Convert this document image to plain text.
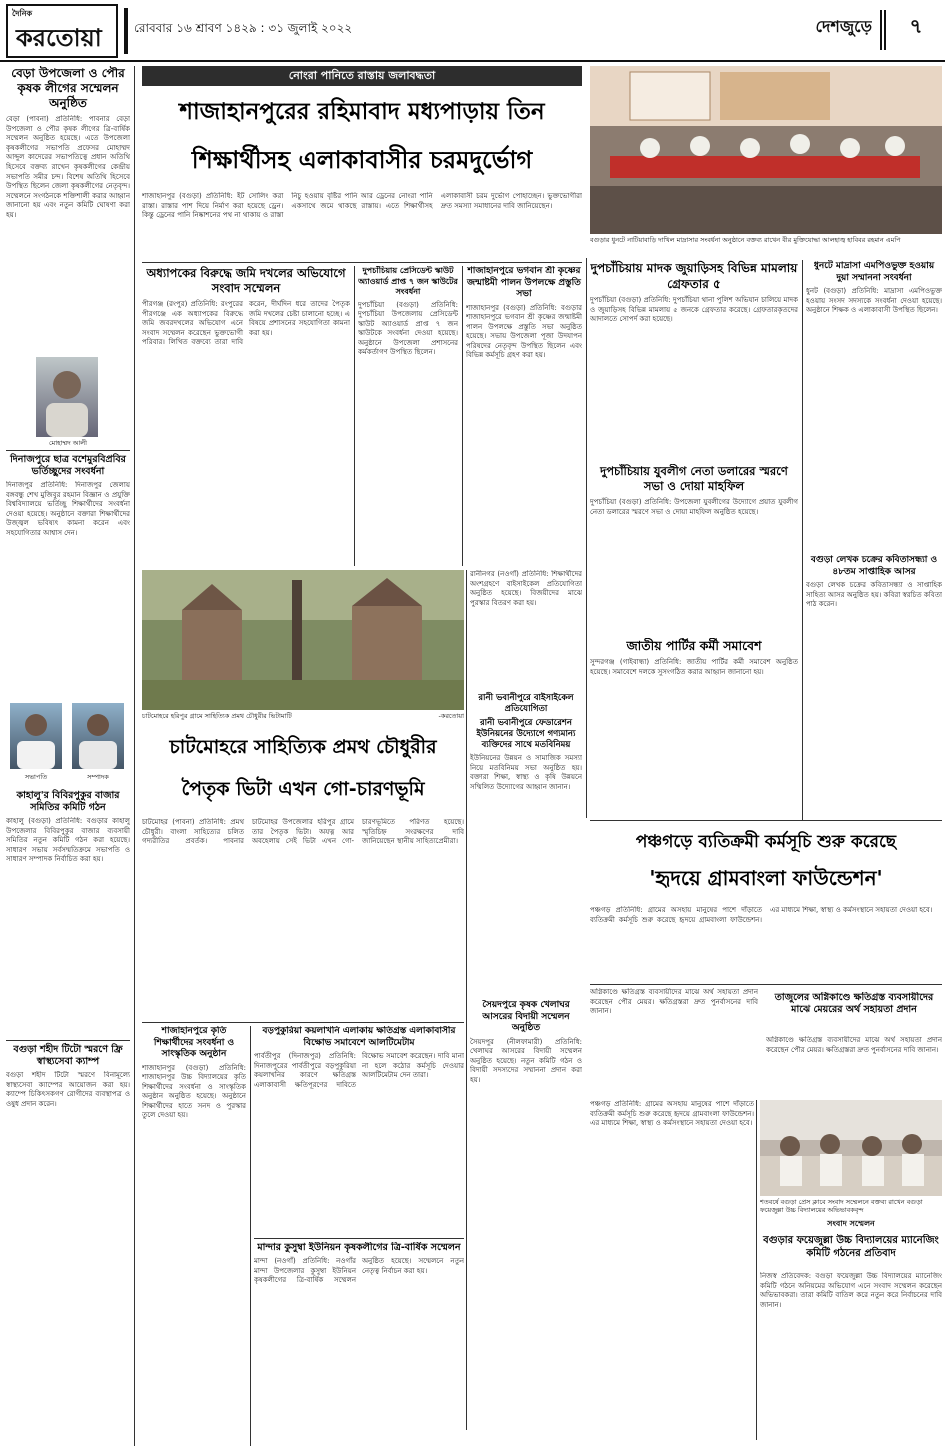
দৈনিক
করতোয়া	রোববার ১৬ শ্রাবণ ১৪২৯ : ৩১ জুলাই ২০২২	দেশজুড়ে	৭
বেড়া উপজেলা ও পৌর কৃষক লীগের সম্মেলন অনুষ্ঠিত
বেড়া (পাবনা) প্রতিনিধি: পাবনার বেড়া উপজেলা ও পৌর কৃষক লীগের ত্রি-বার্ষিক সম্মেলন অনুষ্ঠিত হয়েছে। এতে উপজেলা কৃষকলীগের সভাপতি প্রফেসর মোহাম্মদ আব্দুল কাদেরের সভাপতিত্বে প্রধান অতিথি হিসেবে বক্তব্য রাখেন কৃষকলীগের কেন্দ্রীয় সভাপতি সমীর চন্দ। বিশেষ অতিথি হিসেবে উপস্থিত ছিলেন জেলা কৃষকলীগের নেতৃবৃন্দ। সম্মেলনে সংগঠনকে শক্তিশালী করার আহ্বান জানানো হয় এবং নতুন কমিটি ঘোষণা করা হয়।
মোহাম্মদ আলী
দিনাজপুরে ছাত্র বশেমুরবিপ্রবির ভর্তিচ্ছুদের সংবর্ধনা
দিনাজপুর প্রতিনিধি: দিনাজপুর জেলায় বঙ্গবন্ধু শেখ মুজিবুর রহমান বিজ্ঞান ও প্রযুক্তি বিশ্ববিদ্যালয়ে ভর্তিচ্ছু শিক্ষার্থীদের সংবর্ধনা দেওয়া হয়েছে। অনুষ্ঠানে বক্তারা শিক্ষার্থীদের উজ্জ্বল ভবিষ্যৎ কামনা করেন এবং সহযোগিতার আশ্বাস দেন।
সভাপতি	সম্পাদক
কাহালু'র বিবিরপুকুর বাজার সমিতির কমিটি গঠন
কাহালু (বগুড়া) প্রতিনিধি: বগুড়ার কাহালু উপজেলার বিবিরপুকুর বাজার ব্যবসায়ী সমিতির নতুন কমিটি গঠন করা হয়েছে। সাধারণ সভায় সর্বসম্মতিক্রমে সভাপতি ও সাধারণ সম্পাদক নির্বাচিত করা হয়।
বগুড়া শহীদ টিটো স্মরণে ফ্রি স্বাস্থ্যসেবা ক্যাম্প
বগুড়া শহীদ টিটো স্মরণে বিনামূল্যে স্বাস্থ্যসেবা ক্যাম্পের আয়োজন করা হয়। ক্যাম্পে চিকিৎসকগণ রোগীদের ব্যবস্থাপত্র ও ওষুধ প্রদান করেন।
নোংরা পানিতে রাস্তায় জলাবদ্ধতা
শাজাহানপুরের রহিমাবাদ মধ্যপাড়ায় তিন
শিক্ষার্থীসহ এলাকাবাসীর চরমদুর্ভোগ
শাজাহানপুর (বগুড়া) প্রতিনিধি: ইট সোলিং করা রাস্তা। রাস্তার পাশ দিয়ে নির্মাণ করা হয়েছে ড্রেন। কিন্তু ড্রেনের পানি নিষ্কাশনের পথ না থাকায় ও রাস্তা নিচু হওয়ায় বৃষ্টির পানি আর ড্রেনের নোংরা পানি একসাথে জমে থাকছে রাস্তায়। এতে শিক্ষার্থীসহ এলাকাবাসী চরম দুর্ভোগ পোহাচ্ছেন। ভুক্তভোগীরা দ্রুত সমস্যা সমাধানের দাবি জানিয়েছেন।
বগুড়ার ধুনটে নাটিয়াবাড়ি দাখিল মাদ্রাসার সংবর্ধনা অনুষ্ঠানে বক্তব্য রাখেন বীর মুক্তিযোদ্ধা আলহাজ্ব হাবিবর রহমান এমপি
অধ্যাপকের বিরুদ্ধে জমি দখলের অভিযোগে সংবাদ সম্মেলন
পীরগঞ্জ (রংপুর) প্রতিনিধি: রংপুরের পীরগঞ্জে এক অধ্যাপকের বিরুদ্ধে জমি জবরদখলের অভিযোগ এনে সংবাদ সম্মেলন করেছেন ভুক্তভোগী পরিবার। লিখিত বক্তব্যে তারা দাবি করেন, দীর্ঘদিন ধরে তাদের পৈতৃক জমি দখলের চেষ্টা চালানো হচ্ছে। এ বিষয়ে প্রশাসনের সহযোগিতা কামনা করা হয়।
দুপচাঁচিয়ায় প্রেসিডেন্ট স্কাউট অ্যাওয়ার্ড প্রাপ্ত ৭ জন স্কাউটের সংবর্ধনা
দুপচাঁচিয়া (বগুড়া) প্রতিনিধি: দুপচাঁচিয়া উপজেলায় প্রেসিডেন্ট স্কাউট অ্যাওয়ার্ড প্রাপ্ত ৭ জন স্কাউটকে সংবর্ধনা দেওয়া হয়েছে। অনুষ্ঠানে উপজেলা প্রশাসনের কর্মকর্তাগণ উপস্থিত ছিলেন।
শাজাহানপুরে ভগবান শ্রী কৃষ্ণের জন্মাষ্টমী পালন উপলক্ষে প্রস্তুতি সভা
শাজাহানপুর (বগুড়া) প্রতিনিধি: বগুড়ার শাজাহানপুরে ভগবান শ্রী কৃষ্ণের জন্মাষ্টমী পালন উপলক্ষে প্রস্তুতি সভা অনুষ্ঠিত হয়েছে। সভায় উপজেলা পূজা উদযাপন পরিষদের নেতৃবৃন্দ উপস্থিত ছিলেন এবং বিভিন্ন কর্মসূচি গ্রহণ করা হয়।
দুপচাঁচিয়ায় মাদক জুয়াড়িসহ বিভিন্ন মামলায় গ্রেফতার ৫
দুপচাঁচিয়া (বগুড়া) প্রতিনিধি: দুপচাঁচিয়া থানা পুলিশ অভিযান চালিয়ে মাদক ও জুয়াড়িসহ বিভিন্ন মামলায় ৫ জনকে গ্রেফতার করেছে। গ্রেফতারকৃতদের আদালতে সোপর্দ করা হয়েছে।
ধুনটে মাদ্রাসা এমপিওভুক্ত হওয়ায় দুয়া সম্মাননা সংবর্ধনা
ধুনট (বগুড়া) প্রতিনিধি: মাদ্রাসা এমপিওভুক্ত হওয়ায় সংসদ সদস্যকে সংবর্ধনা দেওয়া হয়েছে। অনুষ্ঠানে শিক্ষক ও এলাকাবাসী উপস্থিত ছিলেন।
দুপচাঁচিয়ায় যুবলীগ নেতা ডলারের স্মরণে সভা ও দোয়া মাহফিল
দুপচাঁচিয়া (বগুড়া) প্রতিনিধি: উপজেলা যুবলীগের উদ্যোগে প্রয়াত যুবলীগ নেতা ডলারের স্মরণে সভা ও দোয়া মাহফিল অনুষ্ঠিত হয়েছে।
বগুড়া লেখক চক্রের কবিতাসন্ধ্যা ও ৪৮তম সাপ্তাহিক আসর
বগুড়া লেখক চক্রের কবিতাসন্ধ্যা ও সাপ্তাহিক সাহিত্য আসর অনুষ্ঠিত হয়। কবিরা স্বরচিত কবিতা পাঠ করেন।
জাতীয় পার্টির কর্মী সমাবেশ
সুন্দরগঞ্জ (গাইবান্ধা) প্রতিনিধি: জাতীয় পার্টির কর্মী সমাবেশ অনুষ্ঠিত হয়েছে। সমাবেশে দলকে সুসংগঠিত করার আহ্বান জানানো হয়।
চাটমোহরে হরিপুর গ্রামে সাহিত্যিক প্রমথ চৌধুরীর ভিটামাটি	-করতোয়া
রানীনগর (নওগাঁ) প্রতিনিধি: শিক্ষার্থীদের অংশগ্রহণে বাইসাইকেল প্রতিযোগিতা অনুষ্ঠিত হয়েছে। বিজয়ীদের মাঝে পুরস্কার বিতরণ করা হয়।
রানী ভবানীপুরে বাইসাইকেল প্রতিযোগিতা
রানী ভবানীপুরে ফেডারেশন ইউনিয়নের উদ্যোগে গণ্যমান্য ব্যক্তিদের সাথে মতবিনিময়
ইউনিয়নের উন্নয়ন ও সামাজিক সমস্যা নিয়ে মতবিনিময় সভা অনুষ্ঠিত হয়। বক্তারা শিক্ষা, স্বাস্থ্য ও কৃষি উন্নয়নে সম্মিলিত উদ্যোগের আহ্বান জানান।
চাটমোহরে সাহিত্যিক প্রমথ চৌধুরীর
পৈতৃক ভিটা এখন গো-চারণভূমি
চাটমোহর (পাবনা) প্রতিনিধি: প্রমথ চৌধুরী। বাংলা সাহিত্যের চলিত গদ্যরীতির প্রবর্তক। পাবনার চাটমোহর উপজেলার হরিপুর গ্রামে তার পৈতৃক ভিটা। অযত্ন আর অবহেলায় সেই ভিটা এখন গো-চারণভূমিতে পরিণত হয়েছে। স্মৃতিচিহ্ন সংরক্ষণের দাবি জানিয়েছেন স্থানীয় সাহিত্যপ্রেমীরা।	পঞ্চগড়ে ব্যতিক্রমী কর্মসূচি শুরু করেছে
'হৃদয়ে গ্রামবাংলা ফাউন্ডেশন'
পঞ্চগড় প্রতিনিধি: গ্রামের অসহায় মানুষের পাশে দাঁড়াতে ব্যতিক্রমী কর্মসূচি শুরু করেছে হৃদয়ে গ্রামবাংলা ফাউন্ডেশন। এর মাধ্যমে শিক্ষা, স্বাস্থ্য ও কর্মসংস্থানে সহায়তা দেওয়া হবে।
অগ্নিকাণ্ডে ক্ষতিগ্রস্ত ব্যবসায়ীদের মাঝে অর্থ সহায়তা প্রদান করেছেন পৌর মেয়র। ক্ষতিগ্রস্তরা দ্রুত পুনর্বাসনের দাবি জানান।
তাজুলের অগ্নিকাণ্ডে ক্ষতিগ্রস্ত ব্যবসায়ীদের মাঝে মেয়রের অর্থ সহায়তা প্রদান
অগ্নিকাণ্ডে ক্ষতিগ্রস্ত ব্যবসায়ীদের মাঝে অর্থ সহায়তা প্রদান করেছেন পৌর মেয়র। ক্ষতিগ্রস্তরা দ্রুত পুনর্বাসনের দাবি জানান।
সৈয়দপুরে কৃষক খেলাঘর আসরের বিদায়ী সম্মেলন অনুষ্ঠিত
সৈয়দপুর (নীলফামারী) প্রতিনিধি: খেলাঘর আসরের বিদায়ী সম্মেলন অনুষ্ঠিত হয়েছে। নতুন কমিটি গঠন ও বিদায়ী সদস্যদের সম্মাননা প্রদান করা হয়।
শতবর্ষে বগুড়া প্রেস ক্লাবে সংবাদ সম্মেলনে বক্তব্য রাখেন বগুড়া ফয়েজুল্লা উচ্চ বিদ্যালয়ের অভিভাবকবৃন্দ
সংবাদ সম্মেলন
বগুড়ার ফয়েজুল্লা উচ্চ বিদ্যালয়ের ম্যানেজিং কমিটি গঠনের প্রতিবাদ
নিজস্ব প্রতিবেদক: বগুড়া ফয়েজুল্লা উচ্চ বিদ্যালয়ের ম্যানেজিং কমিটি গঠনে অনিয়মের অভিযোগ এনে সংবাদ সম্মেলন করেছেন অভিভাবকরা। তারা কমিটি বাতিল করে নতুন করে নির্বাচনের দাবি জানান।
পঞ্চগড় প্রতিনিধি: গ্রামের অসহায় মানুষের পাশে দাঁড়াতে ব্যতিক্রমী কর্মসূচি শুরু করেছে হৃদয়ে গ্রামবাংলা ফাউন্ডেশন। এর মাধ্যমে শিক্ষা, স্বাস্থ্য ও কর্মসংস্থানে সহায়তা দেওয়া হবে।
শাজাহানপুরে কৃতি শিক্ষার্থীদের সংবর্ধনা ও সাংস্কৃতিক অনুষ্ঠান
শাজাহানপুর (বগুড়া) প্রতিনিধি: শাজাহানপুর উচ্চ বিদ্যালয়ের কৃতি শিক্ষার্থীদের সংবর্ধনা ও সাংস্কৃতিক অনুষ্ঠান অনুষ্ঠিত হয়েছে। অনুষ্ঠানে শিক্ষার্থীদের হাতে সনদ ও পুরস্কার তুলে দেওয়া হয়।
বড়পুকুরিয়া কয়লাখনি এলাকায় ক্ষতিগ্রস্ত এলাকাবাসীর বিক্ষোভ সমাবেশে আলটিমেটাম
পার্বতীপুর (দিনাজপুর) প্রতিনিধি: দিনাজপুরের পার্বতীপুরে বড়পুকুরিয়া কয়লাখনির কারণে ক্ষতিগ্রস্ত এলাকাবাসী ক্ষতিপূরণের দাবিতে বিক্ষোভ সমাবেশ করেছেন। দাবি মানা না হলে কঠোর কর্মসূচি দেওয়ার আলটিমেটাম দেন তারা।
মান্দার কুসুম্বা ইউনিয়ন কৃষকলীগের ত্রি-বার্ষিক সম্মেলন
মান্দা (নওগাঁ) প্রতিনিধি: নওগাঁর মান্দা উপজেলার কুসুম্বা ইউনিয়ন কৃষকলীগের ত্রি-বার্ষিক সম্মেলন অনুষ্ঠিত হয়েছে। সম্মেলনে নতুন নেতৃত্ব নির্বাচন করা হয়।
